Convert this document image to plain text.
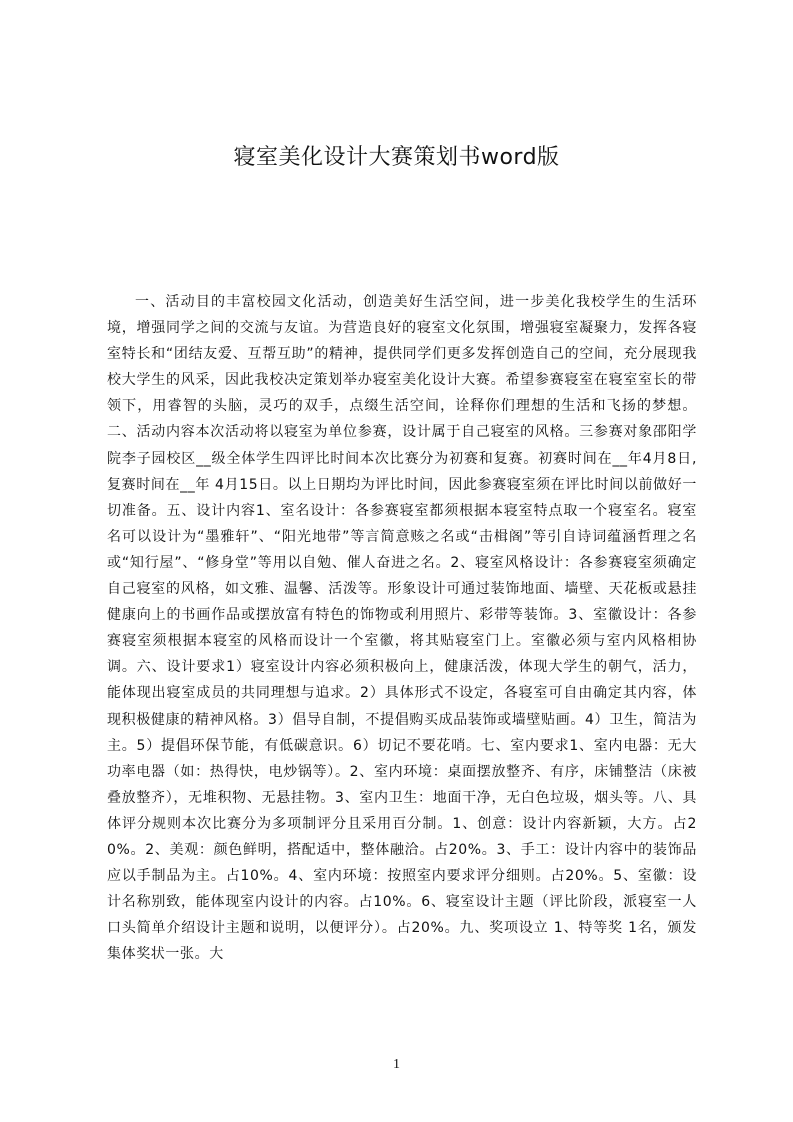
寝室美化设计大赛策划书word版

一、活动目的丰富校园文化活动，创造美好生活空间，进一步美化我校学生的生活环境，增强同学之间的交流与友谊。为营造良好的寝室文化氛围，增强寝室凝聚力，发挥各寝室特长和“团结友爱、互帮互助”的精神，提供同学们更多发挥创造自己的空间，充分展现我校大学生的风采，因此我校决定策划举办寝室美化设计大赛。希望参赛寝室在寝室室长的带领下，用睿智的头脑，灵巧的双手，点缀生活空间，诠释你们理想的生活和飞扬的梦想。二、活动内容本次活动将以寝室为单位参赛，设计属于自己寝室的风格。三参赛对象邵阳学院李子园校区__级全体学生四评比时间本次比赛分为初赛和复赛。初赛时间在__年4月8日,复赛时间在__年 4月15日。以上日期均为评比时间，因此参赛寝室须在评比时间以前做好一切准备。五、设计内容1、室名设计：各参赛寝室都须根据本寝室特点取一个寝室名。寝室名可以设计为“墨雅轩”、“阳光地带”等言简意赅之名或“击楫阁”等引自诗词蕴涵哲理之名或“知行屋”、“修身堂”等用以自勉、催人奋进之名。2、寝室风格设计：各参赛寝室须确定自己寝室的风格，如文雅、温馨、活泼等。形象设计可通过装饰地面、墙壁、天花板或悬挂健康向上的书画作品或摆放富有特色的饰物或利用照片、彩带等装饰。3、室徽设计：各参赛寝室须根据本寝室的风格而设计一个室徽，将其贴寝室门上。室徽必须与室内风格相协调。六、设计要求1）寝室设计内容必须积极向上，健康活泼，体现大学生的朝气，活力，能体现出寝室成员的共同理想与追求。2）具体形式不设定，各寝室可自由确定其内容，体现积极健康的精神风格。3）倡导自制，不提倡购买成品装饰或墙壁贴画。4）卫生，简洁为主。5）提倡环保节能，有低碳意识。6）切记不要花哨。七、室内要求1、室内电器：无大功率电器（如：热得快，电炒锅等）。2、室内环境：桌面摆放整齐、有序，床铺整洁（床被叠放整齐），无堆积物、无悬挂物。3、室内卫生：地面干净，无白色垃圾，烟头等。八、具体评分规则本次比赛分为多项制评分且采用百分制。1、创意：设计内容新颖，大方。占20%。2、美观：颜色鲜明，搭配适中，整体融洽。占20%。3、手工：设计内容中的装饰品应以手制品为主。占10%。4、室内环境：按照室内要求评分细则。占20%。5、室徽：设计名称别致，能体现室内设计的内容。占10%。6、寝室设计主题（评比阶段，派寝室一人口头简单介绍设计主题和说明，以便评分）。占20%。九、奖项设立 1、特等奖 1名，颁发集体奖状一张。大

1
